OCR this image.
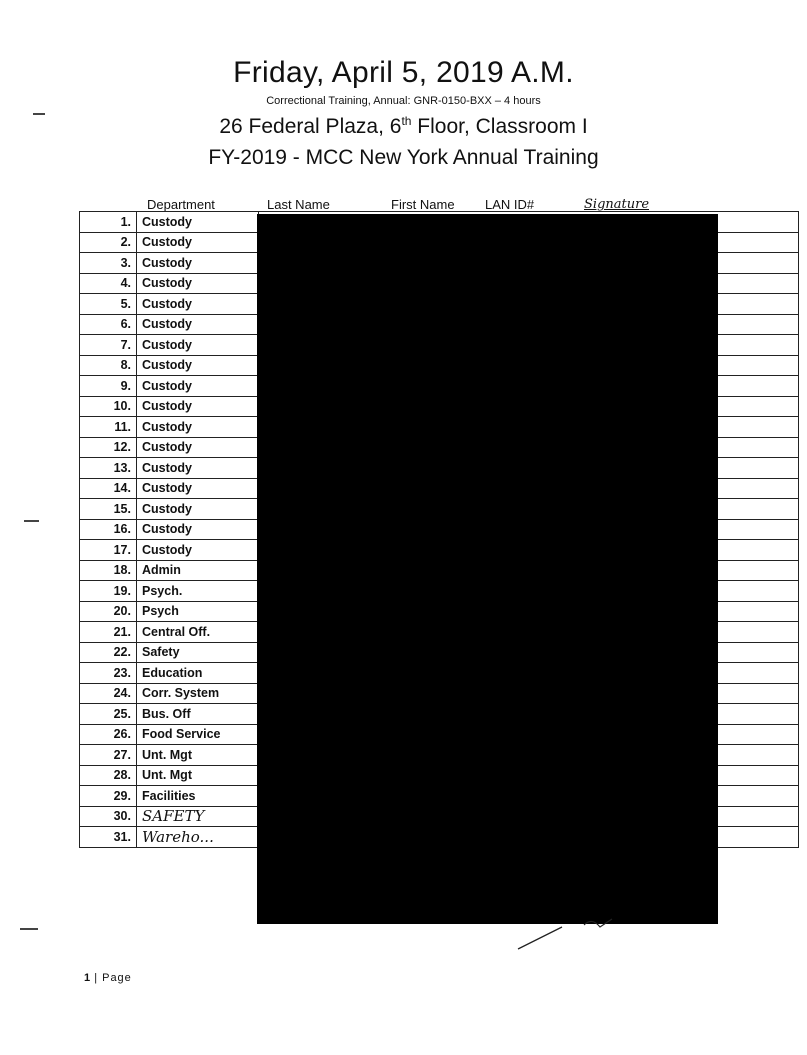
Friday, April 5, 2019 A.M.
Correctional Training, Annual: GNR-0150-BXX – 4 hours
26 Federal Plaza, 6th Floor, Classroom I
FY-2019 - MCC New York Annual Training
Department	Last Name	First Name LAN ID#	Signature
1.	Custody	
2.	Custody	
3.	Custody	
4.	Custody	
5.	Custody	
6.	Custody	
7.	Custody	
8.	Custody	
9.	Custody	
10.	Custody	
11.	Custody	
12.	Custody	
13.	Custody	
14.	Custody	
15.	Custody	
16.	Custody	
17.	Custody	
18.	Admin	
19.	Psych.	
20.	Psych	
21.	Central Off.	
22.	Safety	
23.	Education	
24.	Corr. System	
25.	Bus. Off	
26.	Food Service	
27.	Unt. Mgt	
28.	Unt. Mgt	
29.	Facilities	
30.	SAFETY	
31.	Wareho...	
1 | Page
